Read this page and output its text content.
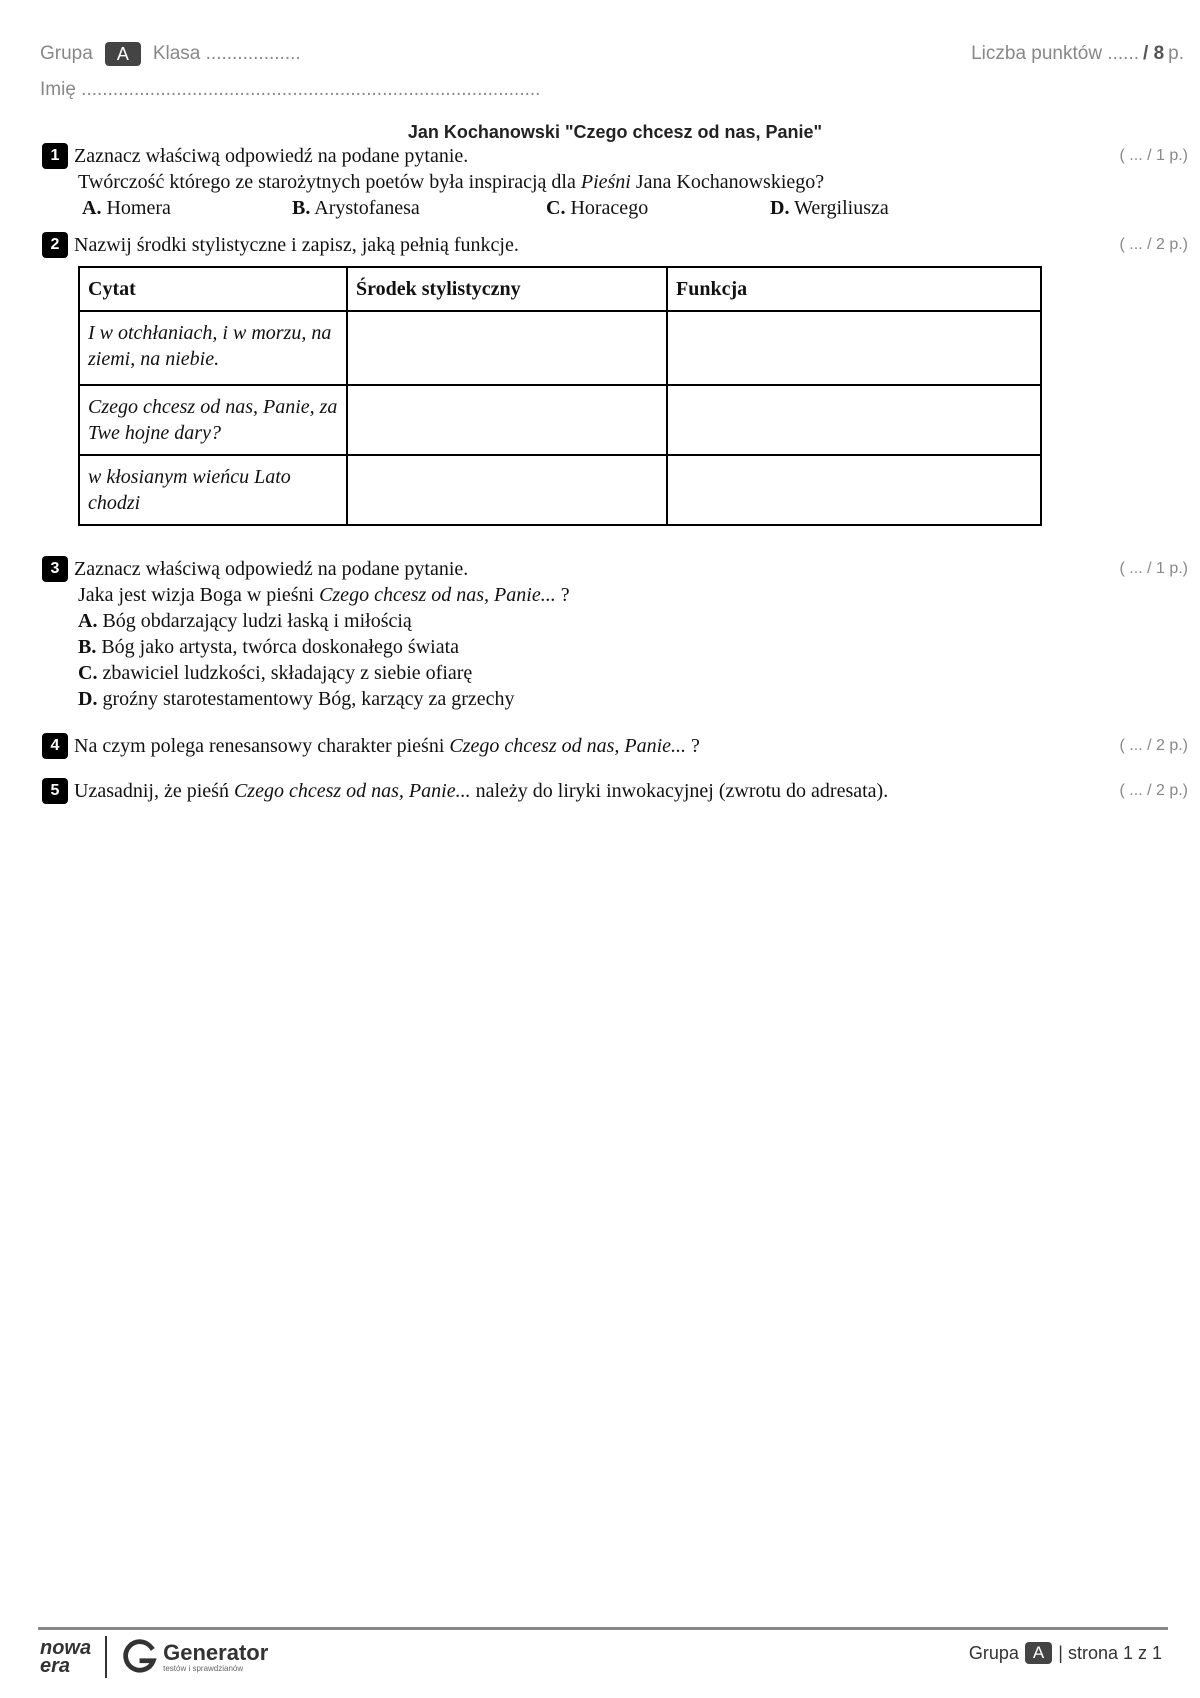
Grupa	A	Klasa ..................
Imię .......................................................................................
Liczba punktów ...... / 8 p.
Jan Kochanowski "Czego chcesz od nas, Panie"
( ... / 1 p.)
1 Zaznacz właściwą odpowiedź na podane pytanie.
Twórczość którego ze starożytnych poetów była inspiracją dla Pieśni Jana Kochanowskiego?
A. Homera	B. Arystofanesa	C. Horacego	D. Wergiliusza
( ... / 2 p.)
2 Nazwij środki stylistyczne i zapisz, jaką pełnią funkcje.
Cytat	Środek stylistyczny	Funkcja
I w otchłaniach, i w morzu, na ziemi, na niebie.		
Czego chcesz od nas, Panie, za Twe hojne dary?		
w kłosianym wieńcu Lato chodzi		
( ... / 1 p.)
3 Zaznacz właściwą odpowiedź na podane pytanie.
Jaka jest wizja Boga w pieśni Czego chcesz od nas, Panie... ?
A. Bóg obdarzający ludzi łaską i miłością
B. Bóg jako artysta, twórca doskonałego świata
C. zbawiciel ludzkości, składający z siebie ofiarę
D. groźny starotestamentowy Bóg, karzący za grzechy
( ... / 2 p.)
4 Na czym polega renesansowy charakter pieśni Czego chcesz od nas, Panie... ?
( ... / 2 p.)
5 Uzasadnij, że pieśń Czego chcesz od nas, Panie... należy do liryki inwokacyjnej (zwrotu do adresata).
nowa
era
Generator
testów i sprawdzianów
Grupa A | strona 1 z 1
